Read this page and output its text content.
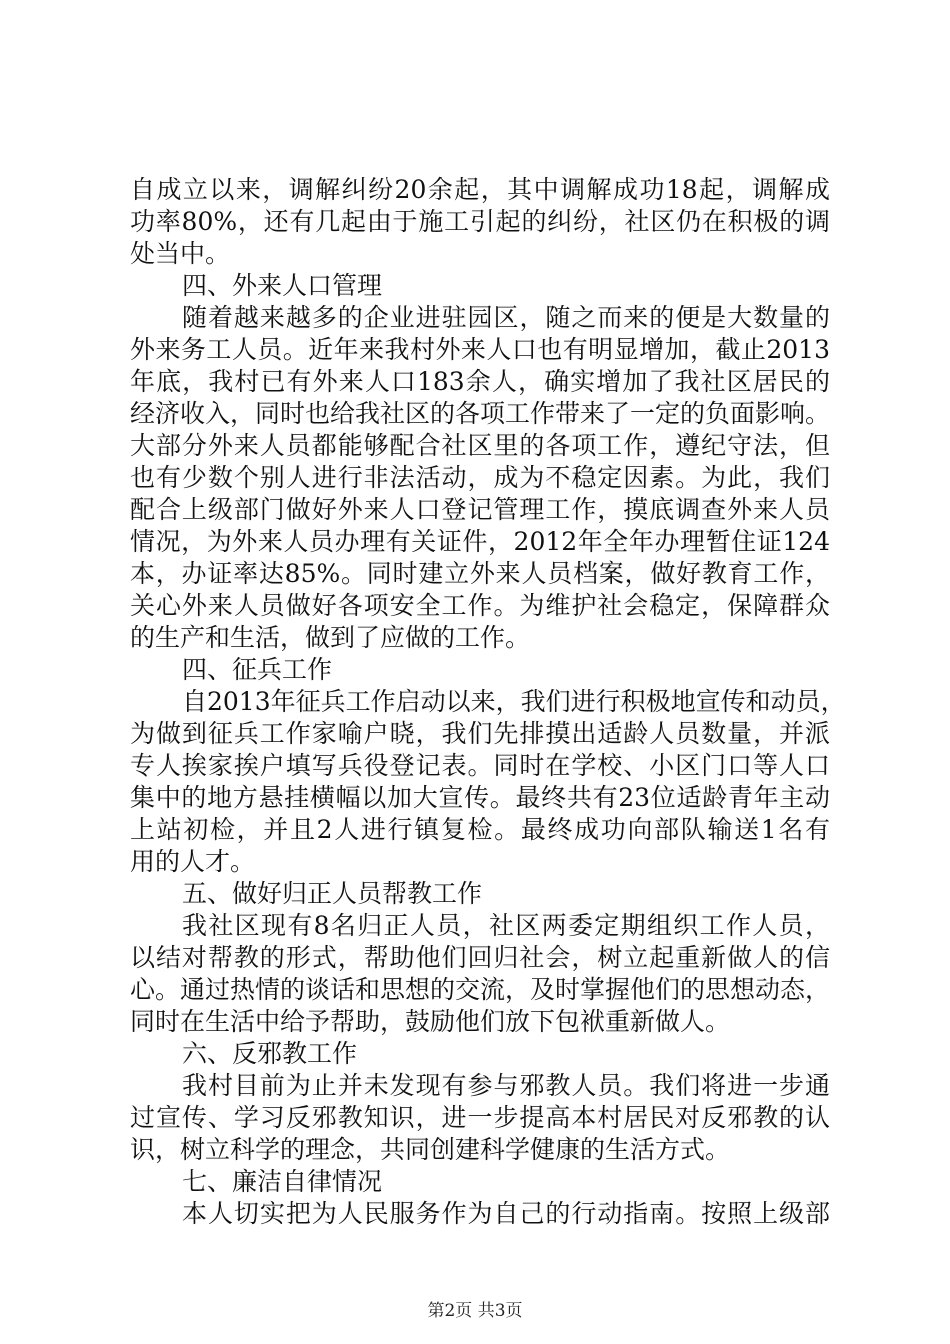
自成立以来，调解纠纷20余起，其中调解成功18起，调解成
功率80%，还有几起由于施工引起的纠纷，社区仍在积极的调
处当中。
四、外来人口管理
随着越来越多的企业进驻园区，随之而来的便是大数量的
外来务工人员。近年来我村外来人口也有明显增加，截止2013
年底，我村已有外来人口183余人，确实增加了我社区居民的
经济收入，同时也给我社区的各项工作带来了一定的负面影响。
大部分外来人员都能够配合社区里的各项工作，遵纪守法，但
也有少数个别人进行非法活动，成为不稳定因素。为此，我们
配合上级部门做好外来人口登记管理工作，摸底调查外来人员
情况，为外来人员办理有关证件，2012年全年办理暂住证124
本，办证率达85%。同时建立外来人员档案，做好教育工作，
关心外来人员做好各项安全工作。为维护社会稳定，保障群众
的生产和生活，做到了应做的工作。
四、征兵工作
自2013年征兵工作启动以来，我们进行积极地宣传和动员，
为做到征兵工作家喻户晓，我们先排摸出适龄人员数量，并派
专人挨家挨户填写兵役登记表。同时在学校、小区门口等人口
集中的地方悬挂横幅以加大宣传。最终共有23位适龄青年主动
上站初检，并且2人进行镇复检。最终成功向部队输送1名有
用的人才。
五、做好归正人员帮教工作
我社区现有8名归正人员，社区两委定期组织工作人员，
以结对帮教的形式，帮助他们回归社会，树立起重新做人的信
心。通过热情的谈话和思想的交流，及时掌握他们的思想动态，
同时在生活中给予帮助，鼓励他们放下包袱重新做人。
六、反邪教工作
我村目前为止并未发现有参与邪教人员。我们将进一步通
过宣传、学习反邪教知识，进一步提高本村居民对反邪教的认
识，树立科学的理念，共同创建科学健康的生活方式。
七、廉洁自律情况
本人切实把为人民服务作为自己的行动指南。按照上级部
第2页 共3页
